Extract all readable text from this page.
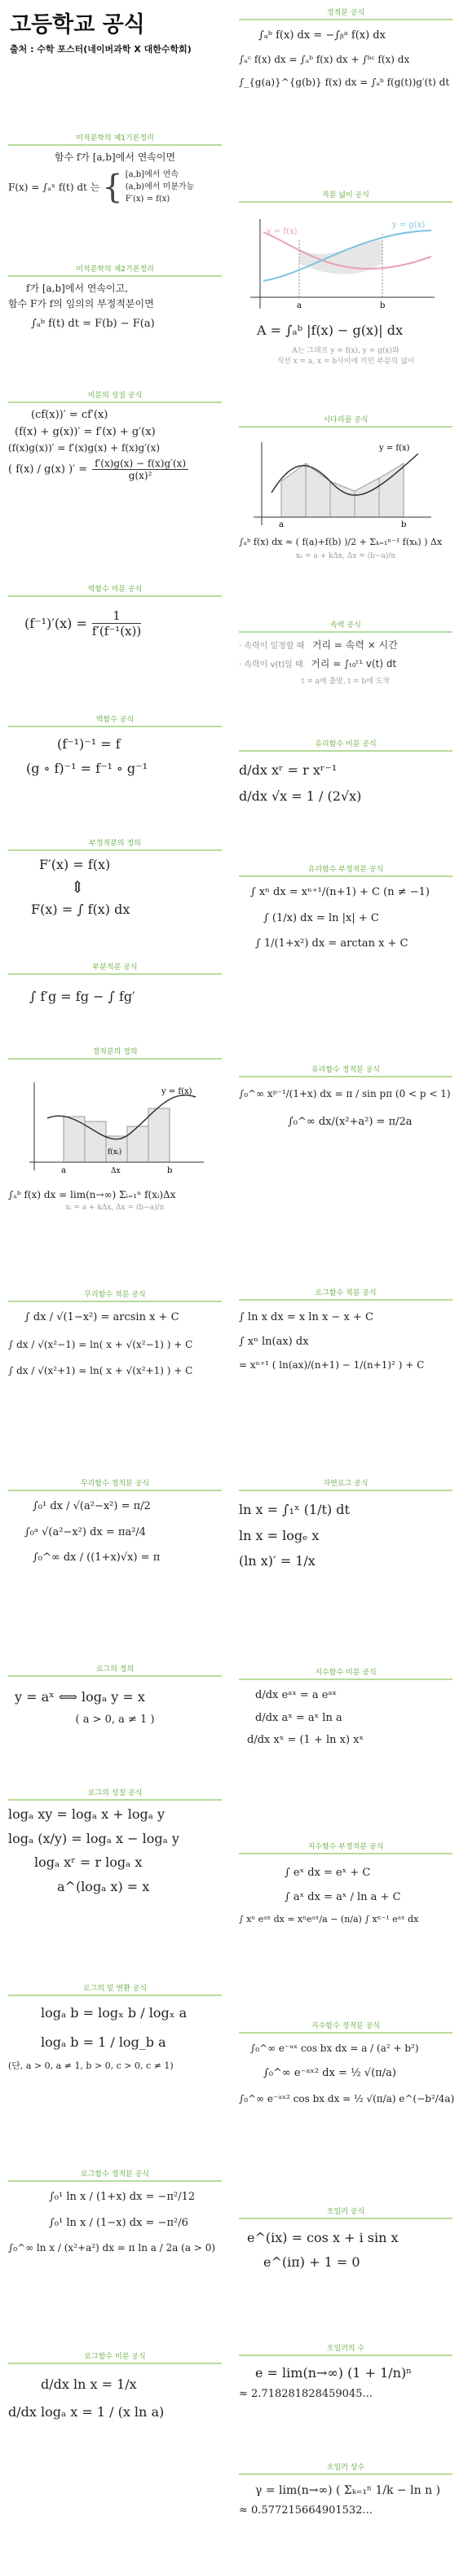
고등학교 공식
출처 : 수학 포스터(네이버과학 X 대한수학회)
미적분학의 제1기본정리
함수 f가 [a,b]에서 연속이면
F(x) = ∫ₐˣ f(t) dt 는 { [a,b]에서 연속
(a,b)에서 미분가능
F′(x) = f(x)
미적분학의 제2기본정리
f가 [a,b]에서 연속이고,
함수 F가 f의 임의의 부정적분이면
∫ₐᵇ f(t) dt = F(b) − F(a)
미분의 성질 공식
(cf(x))′ = cf′(x)
(f(x) + g(x))′ = f′(x) + g′(x)
(f(x)g(x))′ = f′(x)g(x) + f(x)g′(x)
( f(x) / g(x) )′ = $\frac{f'(x)g(x) - f(x)g'(x)}{\text{g(x)²}}$
역함수 미분 공식
$(f^{-1})'(x) = \frac{1}{\text{f′(f⁻¹(x))}}$
역함수 공식
(f⁻¹)⁻¹ = f
(g ∘ f)⁻¹ = f⁻¹ ∘ g⁻¹
부정적분의 정의
F′(x) = f(x)
⇕
F(x) = ∫ f(x) dx
부분적분 공식
∫ f′g = fg − ∫ fg′
정적분의 정의
y = f(x)
f(xᵢ)
a	b
Δx
∫ₐᵇ f(x) dx = lim(n→∞) Σᵢ₌₁ⁿ f(xᵢ)Δx
xᵢ = a + kΔx, Δx = (b−a)/n
무리함수 적분 공식
∫ dx / √(1−x²) = arcsin x + C
∫ dx / √(x²−1) = ln( x + √(x²−1) ) + C
∫ dx / √(x²+1) = ln( x + √(x²+1) ) + C
무리함수 정적분 공식
∫₀¹ dx / √(a²−x²) = π/2
∫₀ᵃ √(a²−x²) dx = πa²/4
∫₀^∞ dx / ((1+x)√x) = π
로그의 정의
y = aˣ ⟺ logₐ y = x
( a > 0, a ≠ 1 )
로그의 성질 공식
logₐ xy = logₐ x + logₐ y
logₐ (x/y) = logₐ x − logₐ y
logₐ xʳ = r logₐ x
a^(logₐ x) = x
로그의 밑 변환 공식
logₐ b = logₓ b / logₓ a
logₐ b = 1 / log_b a
(단, a > 0, a ≠ 1, b > 0, c > 0, c ≠ 1)
로그함수 정적분 공식
∫₀¹ ln x / (1+x) dx = −π²/12
∫₀¹ ln x / (1−x) dx = −π²/6
∫₀^∞ ln x / (x²+a²) dx = π ln a / 2a (a > 0)
로그함수 미분 공식
d/dx ln x = 1/x
d/dx logₐ x = 1 / (x ln a)
정적분 공식
∫ₐᵇ f(x) dx = −∫ᵦᵃ f(x) dx
∫ₐᶜ f(x) dx = ∫ₐᵇ f(x) dx + ∫ᵇᶜ f(x) dx
∫_{g(a)}^{g(b)} f(x) dx = ∫ₐᵇ f(g(t))g′(t) dt
적분 넓이 공식
y = f(x)
y = g(x)
a	b
A = ∫ₐᵇ |f(x) − g(x)| dx
A는 그래프 y = f(x), y = g(x)와
직선 x = a, x = b사이에 끼인 부분의 넓이
시다리꼴 공식
y = f(x)
a	b
∫ₐᵇ f(x) dx ≈ ( f(a)+f(b) )/2 + Σₖ₌₁ⁿ⁻¹ f(xₖ) ) Δx
xₖ = a + kΔx, Δx = (b−a)/n
속력 공식
· 속력이 일정할 때 거리 = 속력 × 시간
· 속력이 v(t)일 때 거리 = ∫ₜ₀ᵗ¹ v(t) dt
t = a에 출발, t = b에 도착
유리함수 미분 공식
d/dx xʳ = r xʳ⁻¹
d/dx √x = 1 / (2√x)
유리함수 부정적분 공식
∫ xⁿ dx = xⁿ⁺¹/(n+1) + C (n ≠ −1)
∫ (1/x) dx = ln |x| + C
∫ 1/(1+x²) dx = arctan x + C
유리함수 정적분 공식
∫₀^∞ xᵖ⁻¹/(1+x) dx = π / sin pπ (0 < p < 1)
∫₀^∞ dx/(x²+a²) = π/2a
로그함수 적분 공식
∫ ln x dx = x ln x − x + C
∫ xⁿ ln(ax) dx
= xⁿ⁺¹ ( ln(ax)/(n+1) − 1/(n+1)² ) + C
자연로그 공식
ln x = ∫₁ˣ (1/t) dt
ln x = logₑ x
(ln x)′ = 1/x
지수함수 미분 공식
d/dx eᵃˣ = a eᵃˣ
d/dx aˣ = aˣ ln a
d/dx xˣ = (1 + ln x) xˣ
지수함수 부정적분 공식
∫ eˣ dx = eˣ + C
∫ aˣ dx = aˣ / ln a + C
∫ xⁿ eᵃˣ dx = xⁿeᵃˣ/a − (n/a) ∫ xⁿ⁻¹ eᵃˣ dx
지수함수 정적분 공식
∫₀^∞ e⁻ᵃˣ cos bx dx = a / (a² + b²)
∫₀^∞ e⁻ᵃˣ² dx = ½ √(π/a)
∫₀^∞ e⁻ᵃˣ² cos bx dx = ½ √(π/a) e^(−b²/4a)
오일러 공식
e^(ix) = cos x + i sin x
e^(iπ) + 1 = 0
오일러의 수
e = lim(n→∞) (1 + 1/n)ⁿ
≈ 2.718281828459045...
오일러 상수
γ = lim(n→∞) ( Σₖ₌₁ⁿ 1/k − ln n )
≈ 0.577215664901532...
